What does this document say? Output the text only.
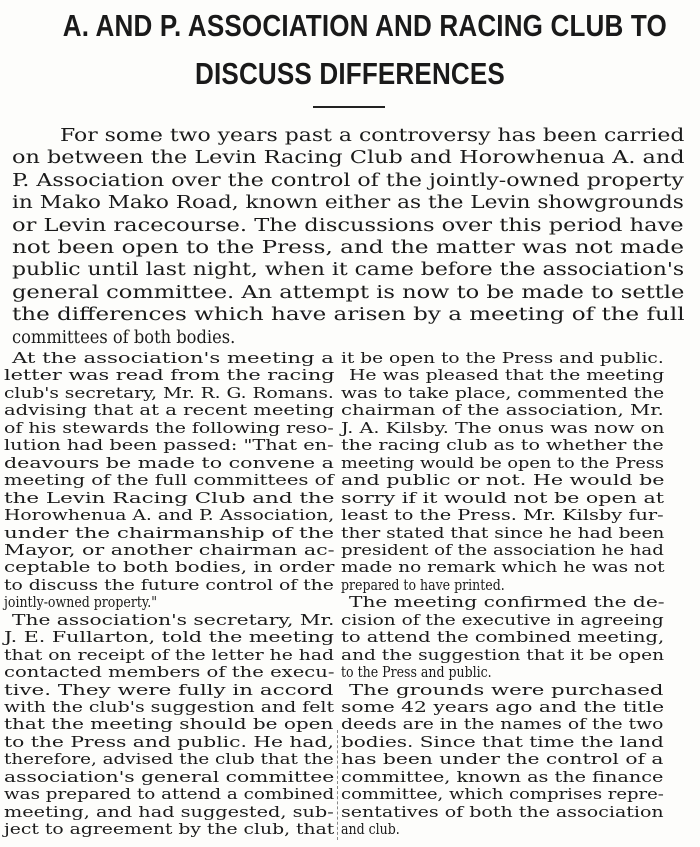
A. AND P. ASSOCIATION AND RACING CLUB TO
DISCUSS DIFFERENCES
For some two years past a controversy has been carried
on between the Levin Racing Club and Horowhenua A. and
P. Association over the control of the jointly-owned property
in Mako Mako Road, known either as the Levin showgrounds
or Levin racecourse. The discussions over this period have
not been open to the Press, and the matter was not made
public until last night, when it came before the association's
general committee. An attempt is now to be made to settle
the differences which have arisen by a meeting of the full
committees of both bodies.
At the association's meeting a
letter was read from the racing
club's secretary, Mr. R. G. Romans.
advising that at a recent meeting
of his stewards the following reso-
lution had been passed: "That en-
deavours be made to convene a
meeting of the full committees of
the Levin Racing Club and the
Horowhenua A. and P. Association,
under the chairmanship of the
Mayor, or another chairman ac-
ceptable to both bodies, in order
to discuss the future control of the
jointly-owned property."
The association's secretary, Mr.
J. E. Fullarton, told the meeting
that on receipt of the letter he had
contacted members of the execu-
tive. They were fully in accord
with the club's suggestion and felt
that the meeting should be open
to the Press and public. He had,
therefore, advised the club that the
association's general committee
was prepared to attend a combined
meeting, and had suggested, sub-
ject to agreement by the club, that
it be open to the Press and public.
He was pleased that the meeting
was to take place, commented the
chairman of the association, Mr.
J. A. Kilsby. The onus was now on
the racing club as to whether the
meeting would be open to the Press
and public or not. He would be
sorry if it would not be open at
least to the Press. Mr. Kilsby fur-
ther stated that since he had been
president of the association he had
made no remark which he was not
prepared to have printed.
The meeting confirmed the de-
cision of the executive in agreeing
to attend the combined meeting,
and the suggestion that it be open
to the Press and public.
The grounds were purchased
some 42 years ago and the title
deeds are in the names of the two
bodies. Since that time the land
has been under the control of a
committee, known as the finance
committee, which comprises repre-
sentatives of both the association
and club.
